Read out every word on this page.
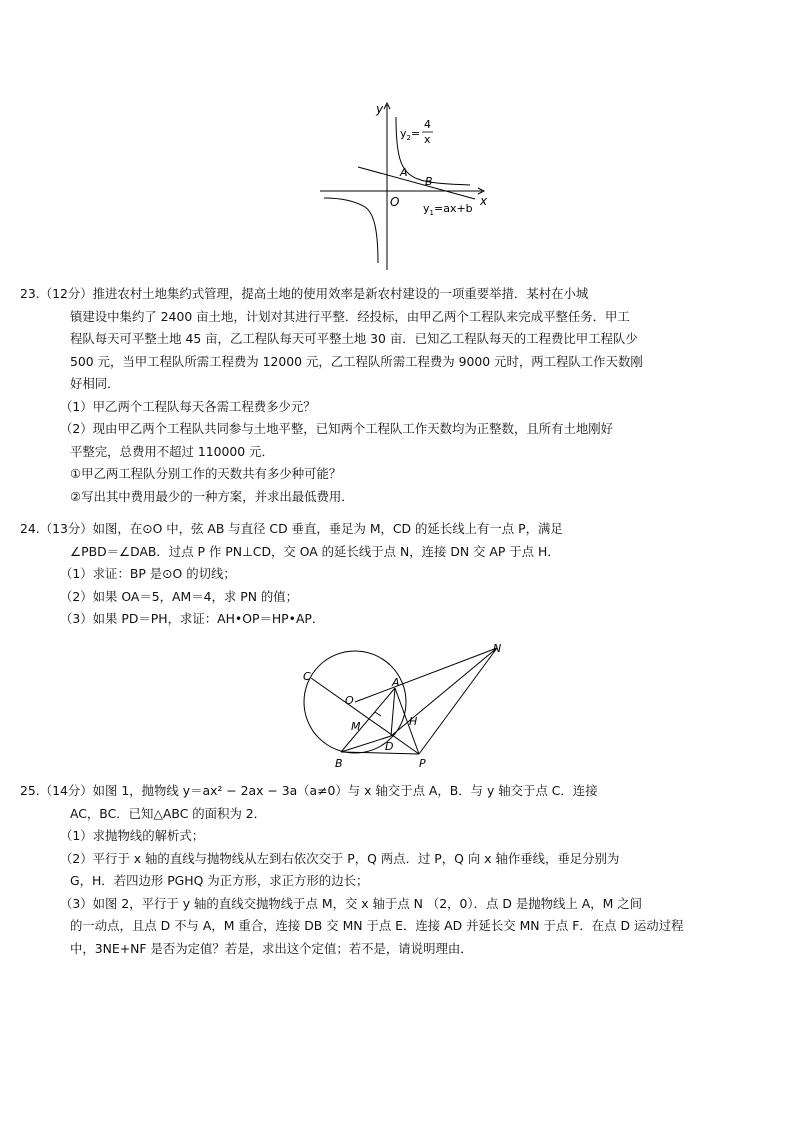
y
x
O
A
B
$y_2=$
4
x
$y_1=ax+b$
23.（12分）推进农村土地集约式管理，提高土地的使用效率是新农村建设的一项重要举措．某村在小城
镇建设中集约了 2400 亩土地，计划对其进行平整．经投标，由甲乙两个工程队来完成平整任务．甲工
程队每天可平整土地 45 亩，乙工程队每天可平整土地 30 亩．已知乙工程队每天的工程费比甲工程队少
500 元，当甲工程队所需工程费为 12000 元，乙工程队所需工程费为 9000 元时，两工程队工作天数刚
好相同．
（1）甲乙两个工程队每天各需工程费多少元？
（2）现由甲乙两个工程队共同参与土地平整，已知两个工程队工作天数均为正整数，且所有土地刚好
平整完，总费用不超过 110000 元．
①甲乙两工程队分别工作的天数共有多少种可能？
②写出其中费用最少的一种方案，并求出最低费用．
24.（13分）如图，在⊙O 中，弦 AB 与直径 CD 垂直，垂足为 M，CD 的延长线上有一点 P，满足
∠PBD＝∠DAB．过点 P 作 PN⊥CD，交 OA 的延长线于点 N，连接 DN 交 AP 于点 H．
（1）求证：BP 是⊙O 的切线；
（2）如果 OA＝5，AM＝4，求 PN 的值；
（3）如果 PD＝PH，求证：AH•OP＝HP•AP．
N
C
O
A
H
M
D
B	P
25.（14分）如图 1，抛物线 y＝ax² − 2ax − 3a（a≠0）与 x 轴交于点 A，B．与 y 轴交于点 C．连接
AC，BC．已知△ABC 的面积为 2．
（1）求抛物线的解析式；
（2）平行于 x 轴的直线与抛物线从左到右依次交于 P，Q 两点．过 P，Q 向 x 轴作垂线，垂足分别为
G，H．若四边形 PGHQ 为正方形，求正方形的边长；
（3）如图 2，平行于 y 轴的直线交抛物线于点 M，交 x 轴于点 N （2，0）．点 D 是抛物线上 A，M 之间
的一动点，且点 D 不与 A，M 重合，连接 DB 交 MN 于点 E．连接 AD 并延长交 MN 于点 F．在点 D 运动过程
中，3NE+NF 是否为定值？若是，求出这个定值；若不是，请说明理由．
